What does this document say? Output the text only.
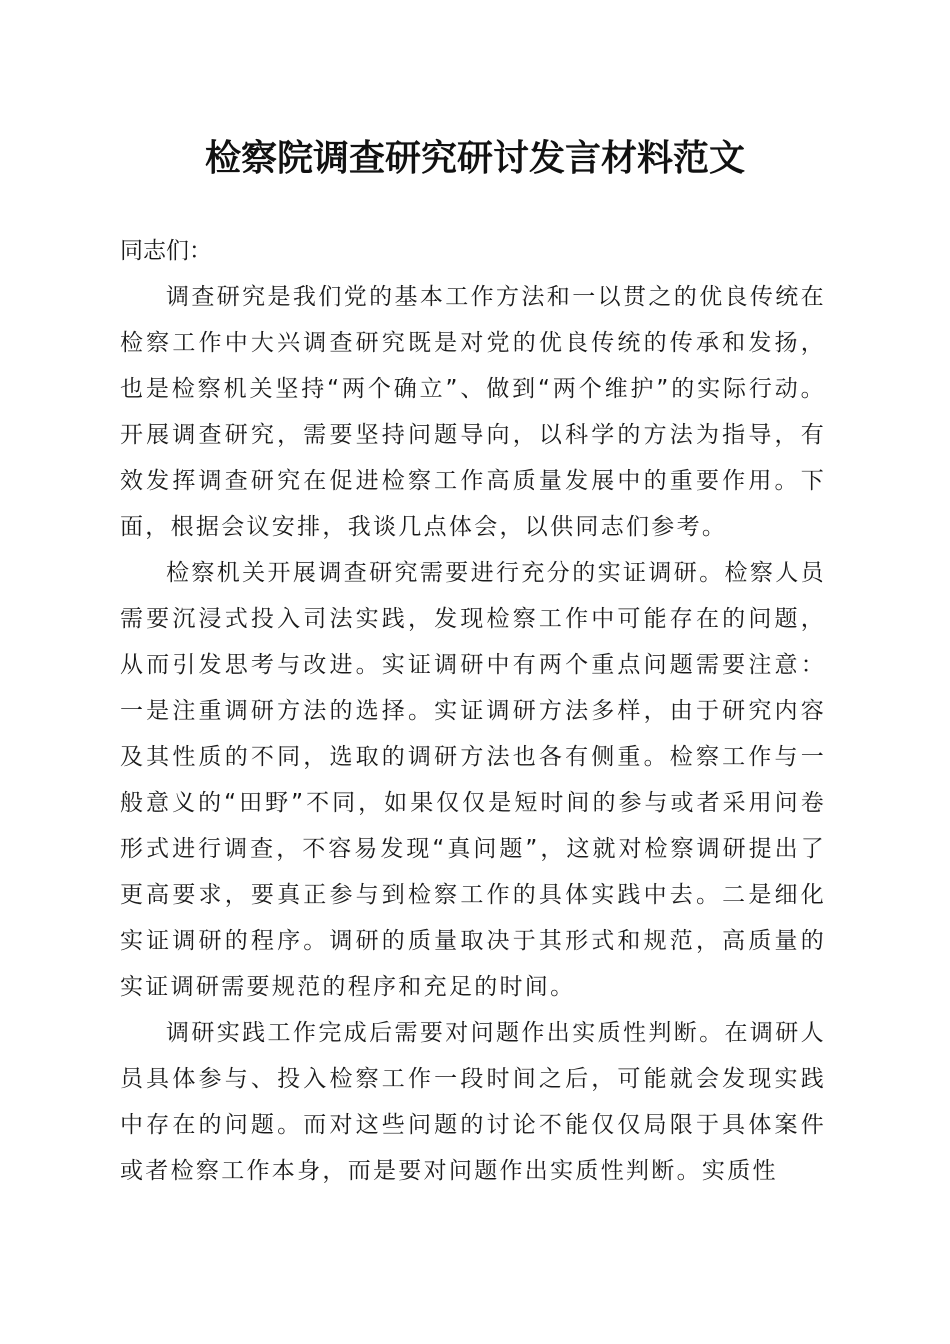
检察院调查研究研讨发言材料范文

同志们：

调查研究是我们党的基本工作方法和一以贯之的优良传统在检察工作中大兴调查研究既是对党的优良传统的传承和发扬，也是检察机关坚持“两个确立”、做到“两个维护”的实际行动。开展调查研究，需要坚持问题导向，以科学的方法为指导，有效发挥调查研究在促进检察工作高质量发展中的重要作用。下面，根据会议安排，我谈几点体会，以供同志们参考。

检察机关开展调查研究需要进行充分的实证调研。检察人员需要沉浸式投入司法实践，发现检察工作中可能存在的问题，从而引发思考与改进。实证调研中有两个重点问题需要注意：一是注重调研方法的选择。实证调研方法多样，由于研究内容及其性质的不同，选取的调研方法也各有侧重。检察工作与一般意义的“田野”不同，如果仅仅是短时间的参与或者采用问卷形式进行调查，不容易发现“真问题”，这就对检察调研提出了更高要求，要真正参与到检察工作的具体实践中去。二是细化实证调研的程序。调研的质量取决于其形式和规范，高质量的实证调研需要规范的程序和充足的时间。

调研实践工作完成后需要对问题作出实质性判断。在调研人员具体参与、投入检察工作一段时间之后，可能就会发现实践中存在的问题。而对这些问题的讨论不能仅仅局限于具体案件或者检察工作本身，而是要对问题作出实质性判断。实质性
